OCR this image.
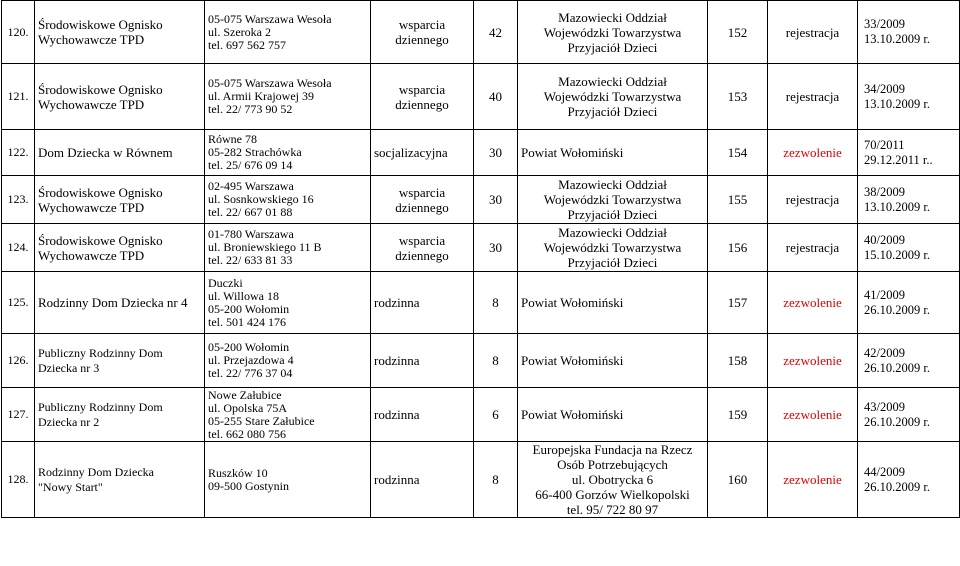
120.	Środowiskowe Ognisko
Wychowawcze TPD	05-075 Warszawa Wesoła
ul. Szeroka 2
tel. 697 562 757	wsparcia
dziennego	42	Mazowiecki Oddział
Wojewódzki Towarzystwa
Przyjaciół Dzieci	152	rejestracja	33/2009
13.10.2009 r.

121.	Środowiskowe Ognisko
Wychowawcze TPD	05-075 Warszawa Wesoła
ul. Armii Krajowej 39
tel. 22/ 773 90 52	wsparcia
dziennego	40	Mazowiecki Oddział
Wojewódzki Towarzystwa
Przyjaciół Dzieci	153	rejestracja	34/2009
13.10.2009 r.

122.	Dom Dziecka w Równem	Równe 78
05-282 Strachówka
tel. 25/ 676 09 14	socjalizacyjna	30	Powiat Wołomiński	154	zezwolenie	70/2011
29.12.2011 r..

123.	Środowiskowe Ognisko
Wychowawcze TPD	02-495 Warszawa
ul. Sosnkowskiego 16
tel. 22/ 667 01 88	wsparcia
dziennego	30	Mazowiecki Oddział
Wojewódzki Towarzystwa
Przyjaciół Dzieci	155	rejestracja	38/2009
13.10.2009 r.

124.	Środowiskowe Ognisko
Wychowawcze TPD	01-780 Warszawa
ul. Broniewskiego 11 B
tel. 22/ 633 81 33	wsparcia
dziennego	30	Mazowiecki Oddział
Wojewódzki Towarzystwa
Przyjaciół Dzieci	156	rejestracja	40/2009
15.10.2009 r.

125.	Rodzinny Dom Dziecka nr 4	Duczki
ul. Willowa 18
05-200 Wołomin
tel. 501 424 176	rodzinna	8	Powiat Wołomiński	157	zezwolenie	41/2009
26.10.2009 r.

126.	Publiczny Rodzinny Dom
Dziecka nr 3	05-200 Wołomin
ul. Przejazdowa 4
tel. 22/ 776 37 04	rodzinna	8	Powiat Wołomiński	158	zezwolenie	42/2009
26.10.2009 r.

127.	Publiczny Rodzinny Dom
Dziecka nr 2	Nowe Załubice
ul. Opolska 75A
05-255 Stare Załubice
tel. 662 080 756	rodzinna	6	Powiat Wołomiński	159	zezwolenie	43/2009
26.10.2009 r.

128.	Rodzinny Dom Dziecka
"Nowy Start"	Ruszków 10
09-500 Gostynin	rodzinna	8	Europejska Fundacja na Rzecz
Osób Potrzebujących
ul. Obotrycka 6
66-400 Gorzów Wielkopolski
tel. 95/ 722 80 97	160	zezwolenie	44/2009
26.10.2009 r.
